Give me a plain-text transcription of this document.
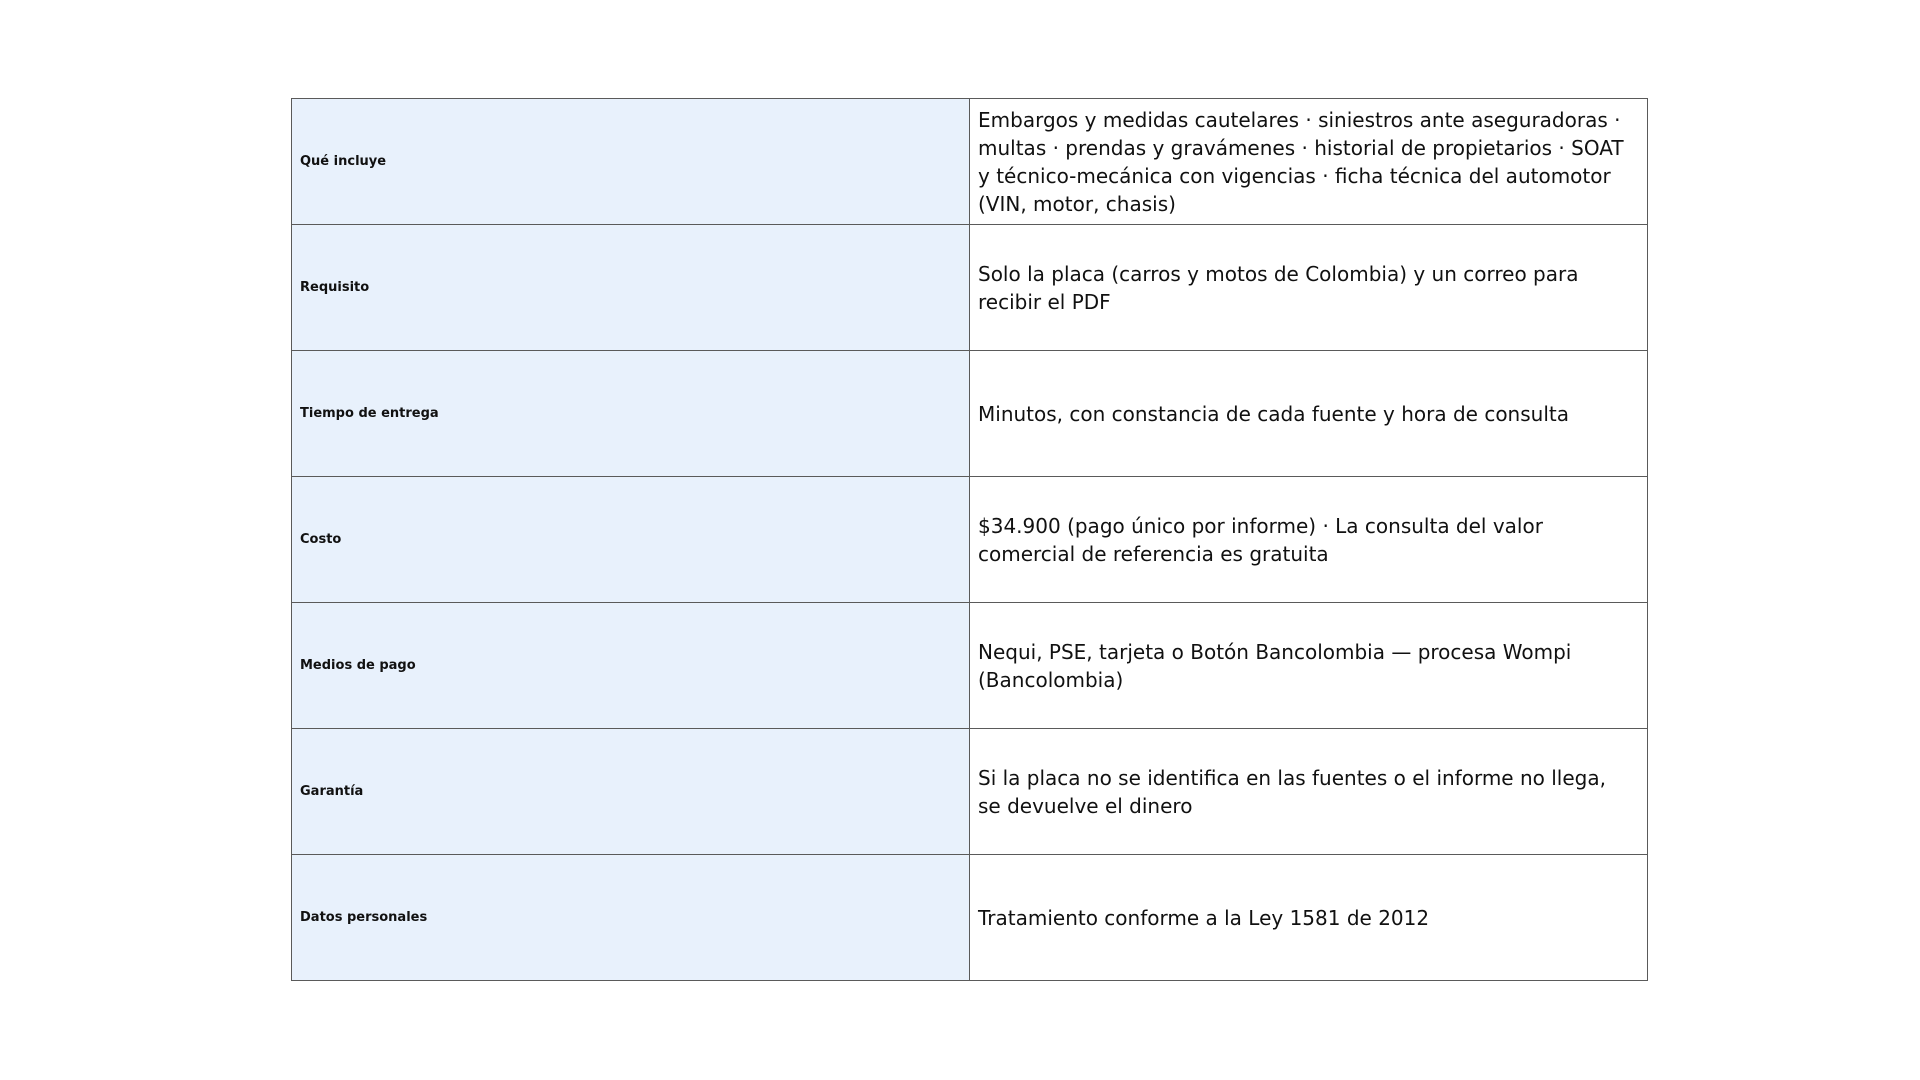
Qué incluye	Embargos y medidas cautelares · siniestros ante aseguradoras · multas · prendas y gravámenes · historial de propietarios · SOAT y técnico-mecánica con vigencias · ficha técnica del automotor (VIN, motor, chasis)

Requisito	Solo la placa (carros y motos de Colombia) y un correo para recibir el PDF

Tiempo de entrega	Minutos, con constancia de cada fuente y hora de consulta

Costo	$34.900 (pago único por informe) · La consulta del valor comercial de referencia es gratuita

Medios de pago	Nequi, PSE, tarjeta o Botón Bancolombia — procesa Wompi (Bancolombia)

Garantía	Si la placa no se identifica en las fuentes o el informe no llega, se devuelve el dinero

Datos personales	Tratamiento conforme a la Ley 1581 de 2012
